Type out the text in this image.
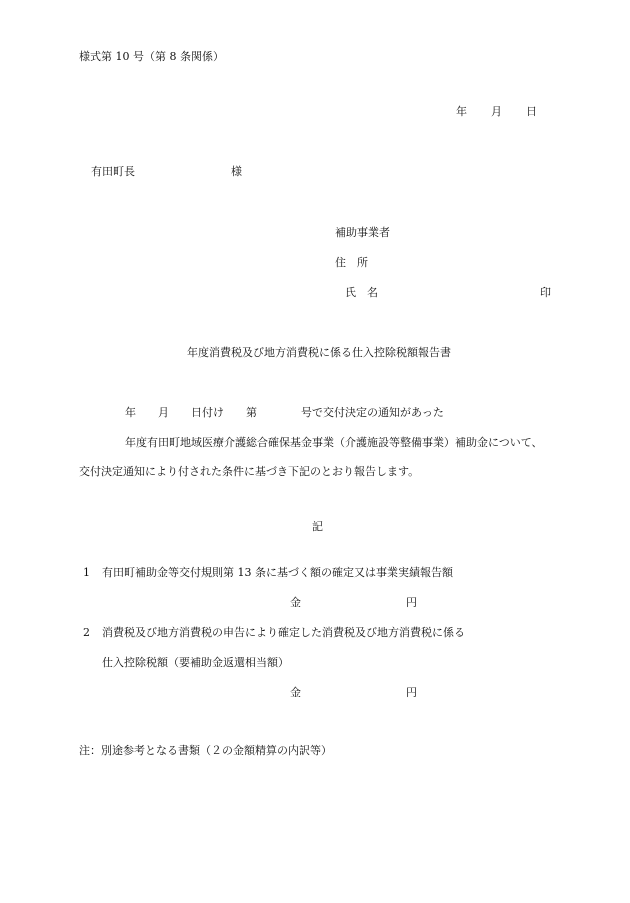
様式第 10 号（第 8 条関係）
年 月 日
有田町長	様
補助事業者
住　所
氏　名	印
年度消費税及び地方消費税に係る仕入控除税額報告書
年　　月　　日付け　　第　　　　号で交付決定の通知があった
年度有田町地域医療介護総合確保基金事業（介護施設等整備事業）補助金について、
交付決定通知により付された条件に基づき下記のとおり報告します。
記
1 有田町補助金等交付規則第 13 条に基づく額の確定又は事業実績報告額
金	円
2 消費税及び地方消費税の申告により確定した消費税及び地方消費税に係る
仕入控除税額（要補助金返還相当額）
金	円
注：別途参考となる書類（２の金額精算の内訳等）
